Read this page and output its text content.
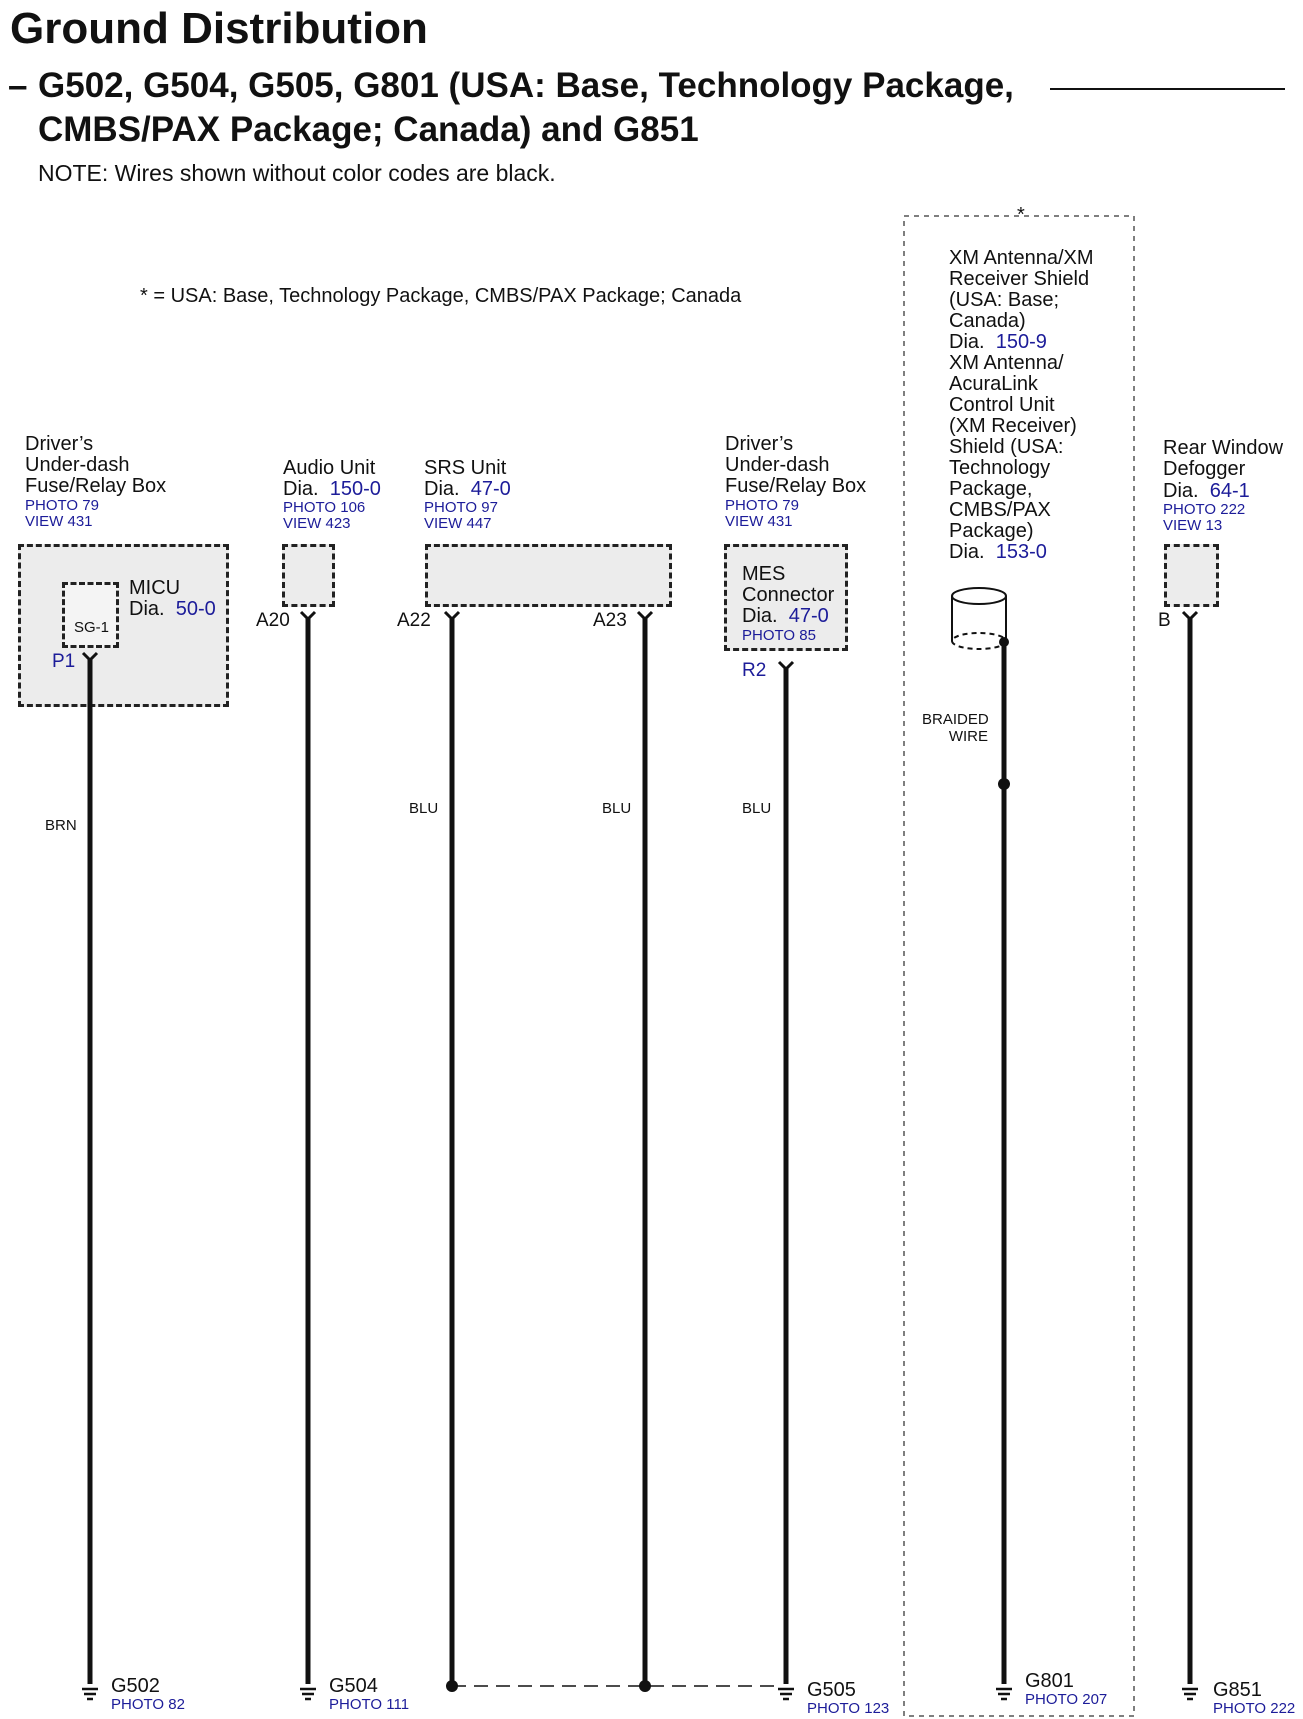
Ground Distribution
– G502, G504, G505, G801 (USA: Base, Technology Package,
CMBS/PAX Package; Canada) and G851
NOTE: Wires shown without color codes are black.
* = USA: Base, Technology Package, CMBS/PAX Package; Canada
Driver’s
Under-dash
Fuse/Relay Box
PHOTO 79
VIEW 431
MICU
Dia. 50-0
SG-1
P1
Audio Unit
Dia. 150-0
PHOTO 106
VIEW 423
A20
SRS Unit
Dia. 47-0
PHOTO 97
VIEW 447
A22	A23
Driver’s
Under-dash
Fuse/Relay Box
PHOTO 79
VIEW 431
MES
Connector
Dia. 47-0
PHOTO 85
R2
*
XM Antenna/XM
Receiver Shield
(USA: Base;
Canada)
Dia. 150-9
XM Antenna/
AcuraLink
Control Unit
(XM Receiver)
Shield (USA:
Technology
Package,
CMBS/PAX
Package)
Dia. 153-0
BRAIDED
WIRE
Rear Window
Defogger
Dia. 64-1
PHOTO 222
VIEW 13
B
BRN
BLU	BLU	BLU
G502
PHOTO 82
G504
PHOTO 111
G505
PHOTO 123
G801
PHOTO 207	G851
PHOTO 222
